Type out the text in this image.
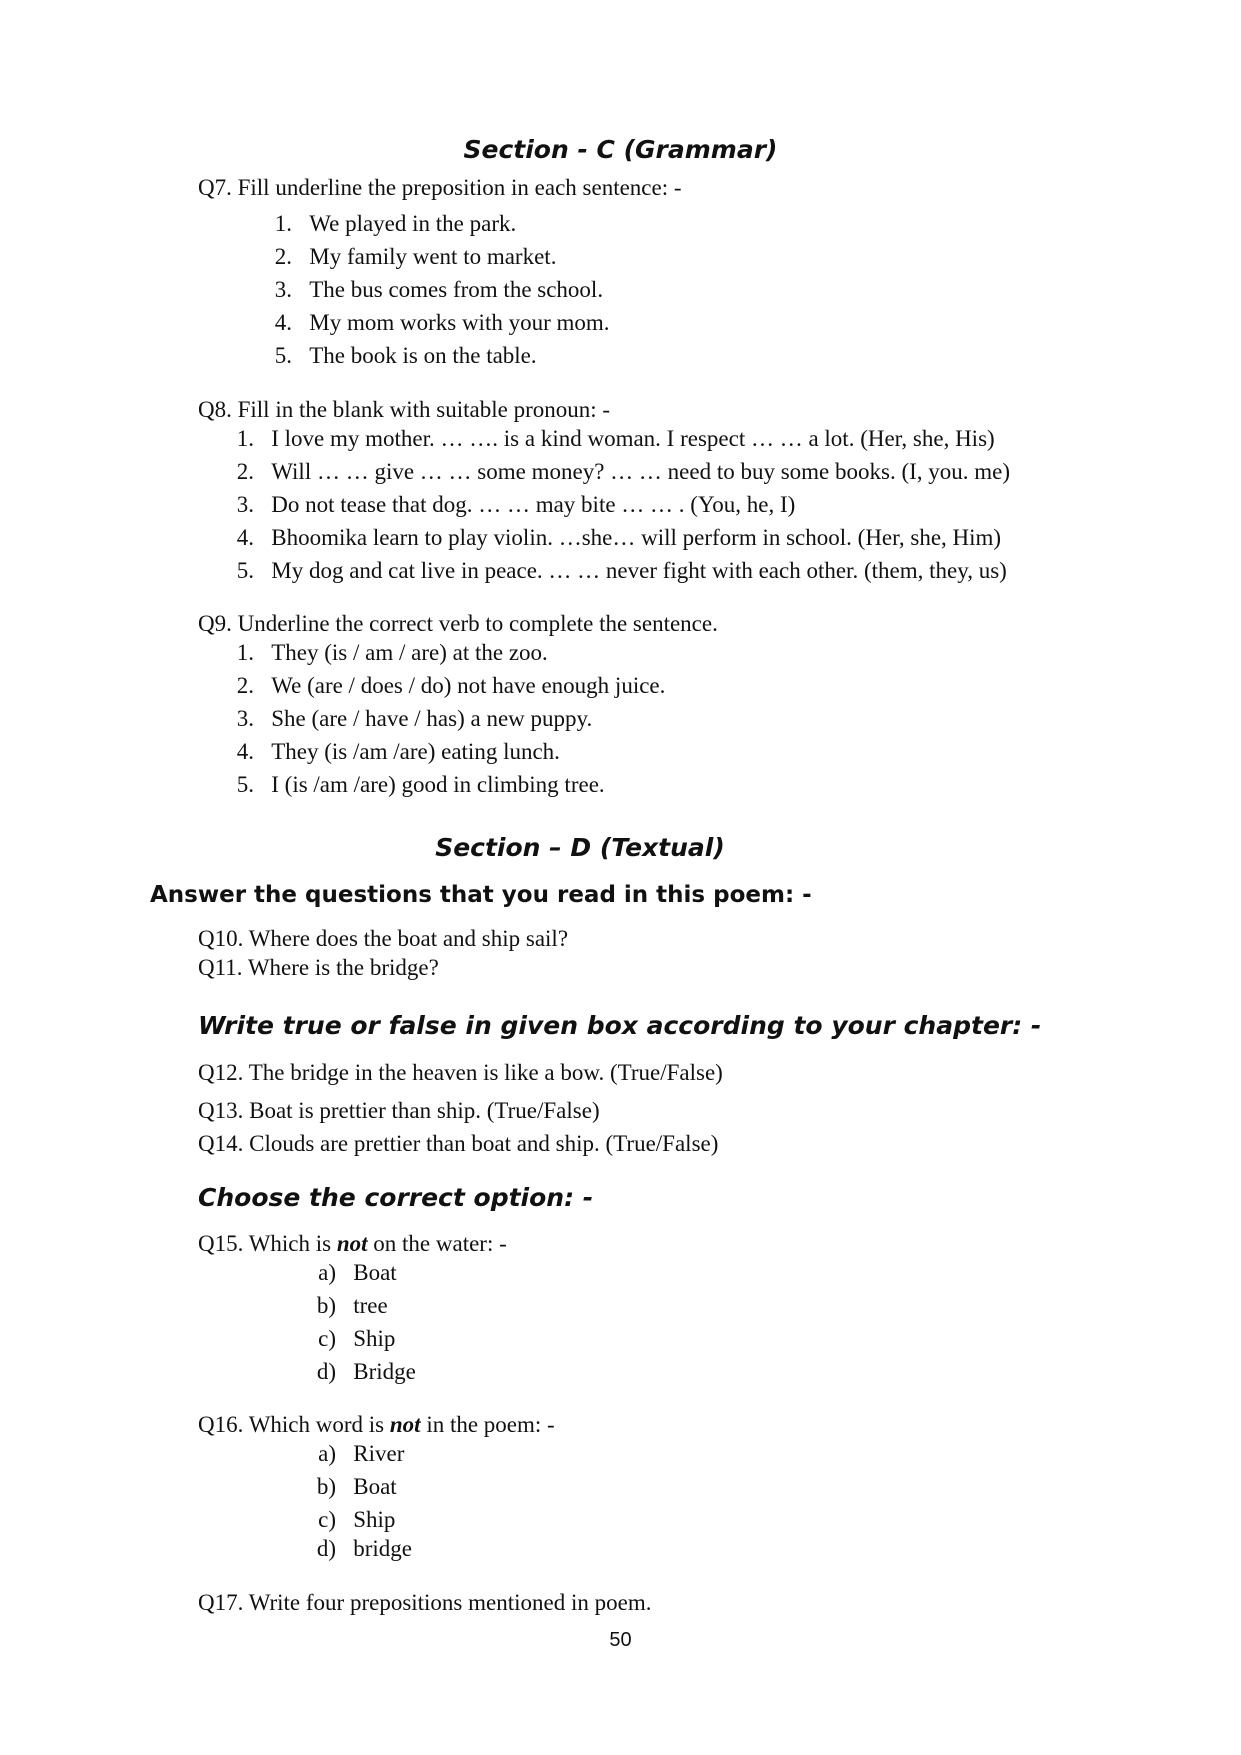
Section - C (Grammar)
Q7. Fill underline the preposition in each sentence: -
1. We played in the park.
2. My family went to market.
3. The bus comes from the school.
4. My mom works with your mom.
5. The book is on the table.
Q8. Fill in the blank with suitable pronoun: -
1. I love my mother. … …. is a kind woman. I respect … … a lot. (Her, she, His)
2. Will … … give … … some money? … … need to buy some books. (I, you. me)
3. Do not tease that dog. … … may bite … … . (You, he, I)
4. Bhoomika learn to play violin. …she… will perform in school. (Her, she, Him)
5. My dog and cat live in peace. … … never fight with each other. (them, they, us)
Q9. Underline the correct verb to complete the sentence.
1. They (is / am / are) at the zoo.
2. We (are / does / do) not have enough juice.
3. She (are / have / has) a new puppy.
4. They (is /am /are) eating lunch.
5. I (is /am /are) good in climbing tree.
Section – D (Textual)
Answer the questions that you read in this poem: -
Q10. Where does the boat and ship sail?
Q11. Where is the bridge?
Write true or false in given box according to your chapter: -
Q12. The bridge in the heaven is like a bow. (True/False)
Q13. Boat is prettier than ship. (True/False)
Q14. Clouds are prettier than boat and ship. (True/False)
Choose the correct option: -
Q15. Which is not on the water: -
a) Boat
b) tree
c) Ship
d) Bridge
Q16. Which word is not in the poem: -
a) River
b) Boat
c) Ship
d) bridge
Q17. Write four prepositions mentioned in poem.
50
